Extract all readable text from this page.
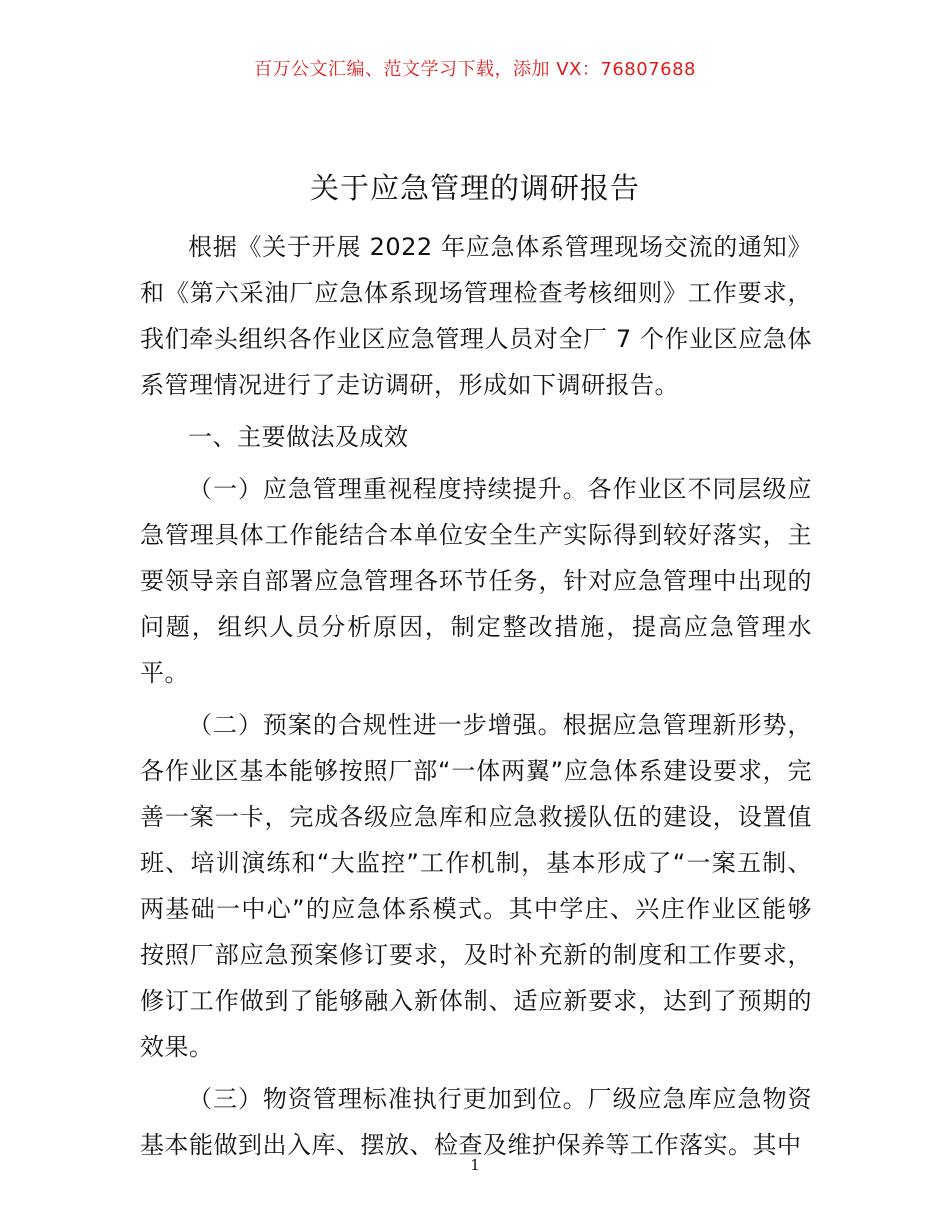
百万公文汇编、范文学习下载，添加 VX：76807688
关于应急管理的调研报告

根据《关于开展 2022 年应急体系管理现场交流的通知》和《第六采油厂应急体系现场管理检查考核细则》工作要求，我们牵头组织各作业区应急管理人员对全厂 7 个作业区应急体系管理情况进行了走访调研，形成如下调研报告。

一、主要做法及成效

（一）应急管理重视程度持续提升。各作业区不同层级应急管理具体工作能结合本单位安全生产实际得到较好落实，主要领导亲自部署应急管理各环节任务，针对应急管理中出现的问题，组织人员分析原因，制定整改措施，提高应急管理水平。

（二）预案的合规性进一步增强。根据应急管理新形势，各作业区基本能够按照厂部“一体两翼”应急体系建设要求，完善一案一卡，完成各级应急库和应急救援队伍的建设，设置值班、培训演练和“大监控”工作机制，基本形成了“一案五制、两基础一中心”的应急体系模式。其中学庄、兴庄作业区能够按照厂部应急预案修订要求，及时补充新的制度和工作要求，修订工作做到了能够融入新体制、适应新要求，达到了预期的效果。

（三）物资管理标准执行更加到位。厂级应急库应急物资基本能做到出入库、摆放、检查及维护保养等工作落实。其中

1
